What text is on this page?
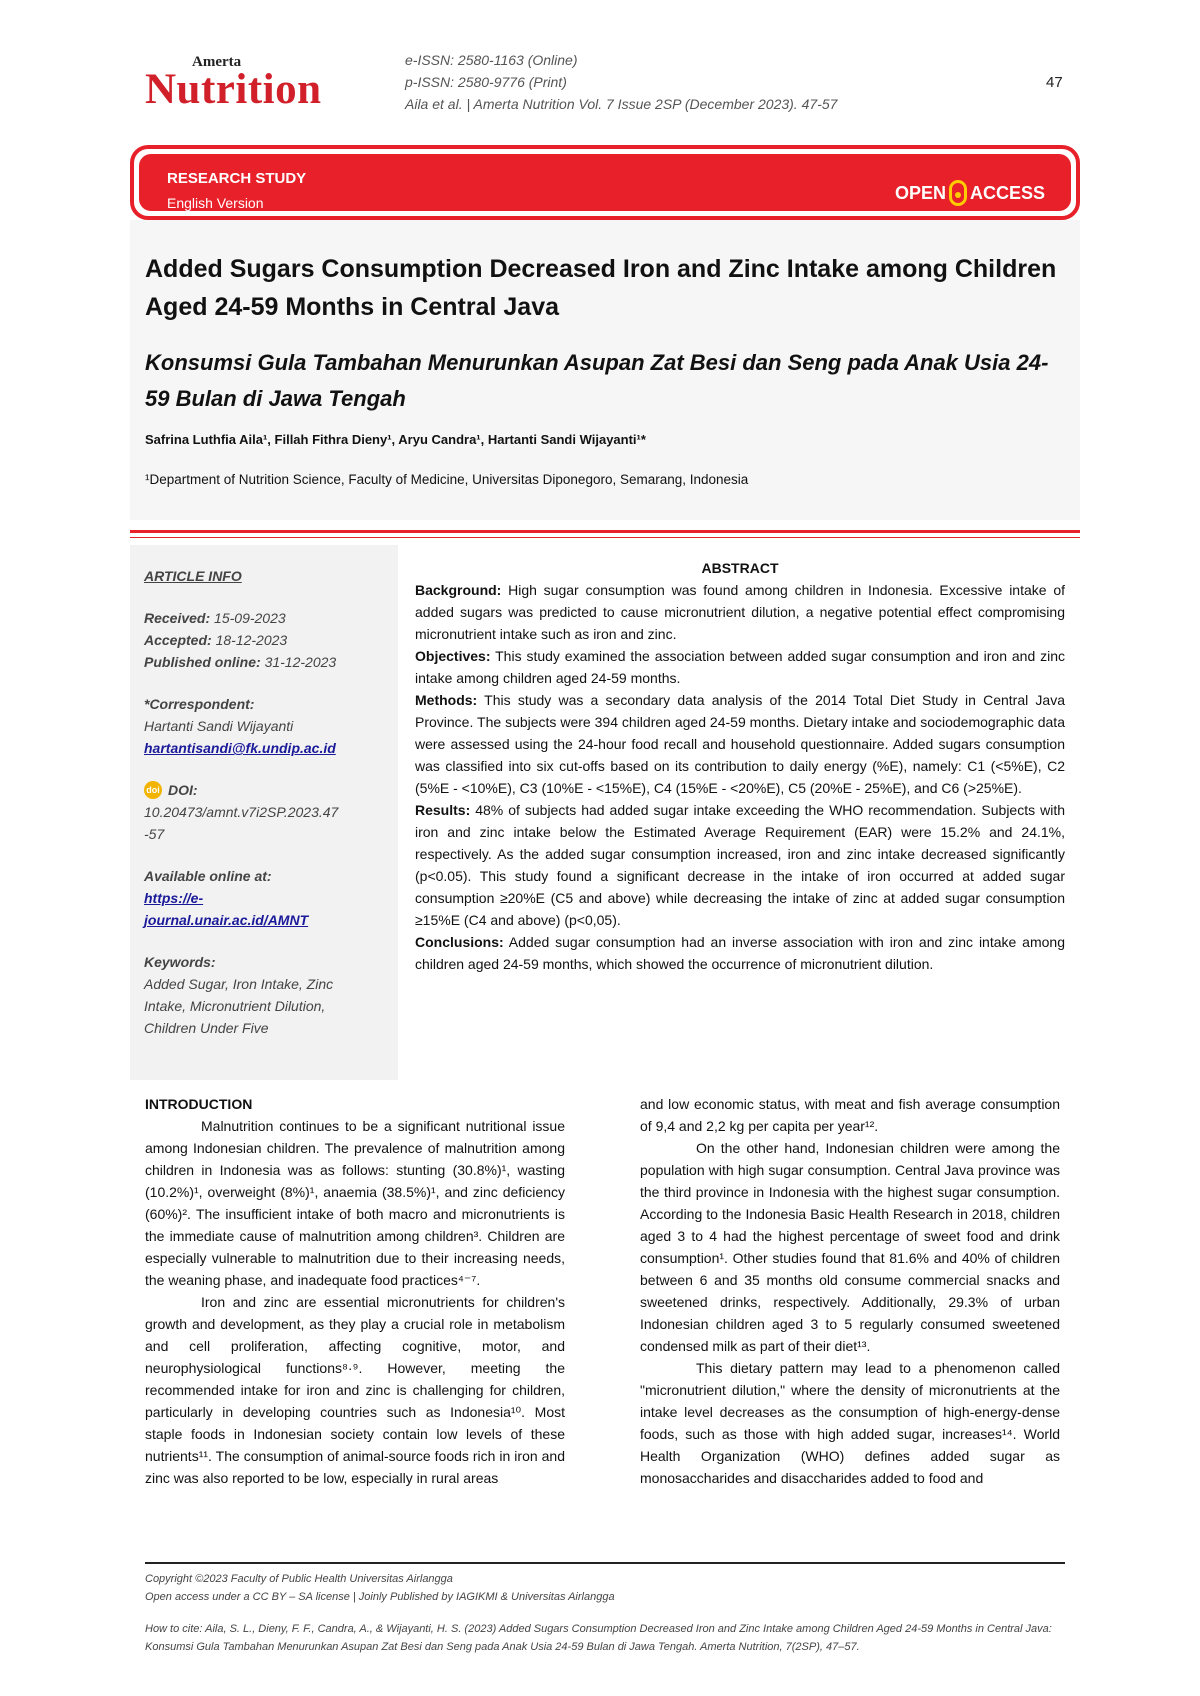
Amerta
Nutrition
e-ISSN: 2580-1163 (Online)
p-ISSN: 2580-9776 (Print)
Aila et al. | Amerta Nutrition Vol. 7 Issue 2SP (December 2023). 47-57
47
RESEARCH STUDY
English Version
OPEN ACCESS
Added Sugars Consumption Decreased Iron and Zinc Intake among Children Aged 24-59 Months in Central Java
Konsumsi Gula Tambahan Menurunkan Asupan Zat Besi dan Seng pada Anak Usia 24-59 Bulan di Jawa Tengah
Safrina Luthfia Aila¹, Fillah Fithra Dieny¹, Aryu Candra¹, Hartanti Sandi Wijayanti¹*
¹Department of Nutrition Science, Faculty of Medicine, Universitas Diponegoro, Semarang, Indonesia
ARTICLE INFO
Received: 15-09-2023
Accepted: 18-12-2023
Published online: 31-12-2023
*Correspondent:
Hartanti Sandi Wijayanti
hartantisandi@fk.undip.ac.id
doi DOI:
10.20473/amnt.v7i2SP.2023.47
-57
Available online at:
https://e-
journal.unair.ac.id/AMNT
Keywords:
Added Sugar, Iron Intake, Zinc
Intake, Micronutrient Dilution,
Children Under Five
ABSTRACT
Background: High sugar consumption was found among children in Indonesia. Excessive intake of added sugars was predicted to cause micronutrient dilution, a negative potential effect compromising micronutrient intake such as iron and zinc.
Objectives: This study examined the association between added sugar consumption and iron and zinc intake among children aged 24-59 months.
Methods: This study was a secondary data analysis of the 2014 Total Diet Study in Central Java Province. The subjects were 394 children aged 24-59 months. Dietary intake and sociodemographic data were assessed using the 24-hour food recall and household questionnaire. Added sugars consumption was classified into six cut-offs based on its contribution to daily energy (%E), namely: C1 (<5%E), C2 (5%E - <10%E), C3 (10%E - <15%E), C4 (15%E - <20%E), C5 (20%E - 25%E), and C6 (>25%E).
Results: 48% of subjects had added sugar intake exceeding the WHO recommendation. Subjects with iron and zinc intake below the Estimated Average Requirement (EAR) were 15.2% and 24.1%, respectively. As the added sugar consumption increased, iron and zinc intake decreased significantly (p<0.05). This study found a significant decrease in the intake of iron occurred at added sugar consumption ≥20%E (C5 and above) while decreasing the intake of zinc at added sugar consumption ≥15%E (C4 and above) (p<0,05).
Conclusions: Added sugar consumption had an inverse association with iron and zinc intake among children aged 24-59 months, which showed the occurrence of micronutrient dilution.
INTRODUCTION

Malnutrition continues to be a significant nutritional issue among Indonesian children. The prevalence of malnutrition among children in Indonesia was as follows: stunting (30.8%)¹, wasting (10.2%)¹, overweight (8%)¹, anaemia (38.5%)¹, and zinc deficiency (60%)². The insufficient intake of both macro and micronutrients is the immediate cause of malnutrition among children³. Children are especially vulnerable to malnutrition due to their increasing needs, the weaning phase, and inadequate food practices⁴⁻⁷.

Iron and zinc are essential micronutrients for children's growth and development, as they play a crucial role in metabolism and cell proliferation, affecting cognitive, motor, and neurophysiological functions⁸·⁹. However, meeting the recommended intake for iron and zinc is challenging for children, particularly in developing countries such as Indonesia¹⁰. Most staple foods in Indonesian society contain low levels of these nutrients¹¹. The consumption of animal-source foods rich in iron and zinc was also reported to be low, especially in rural areas

and low economic status, with meat and fish average consumption of 9,4 and 2,2 kg per capita per year¹².

On the other hand, Indonesian children were among the population with high sugar consumption. Central Java province was the third province in Indonesia with the highest sugar consumption. According to the Indonesia Basic Health Research in 2018, children aged 3 to 4 had the highest percentage of sweet food and drink consumption¹. Other studies found that 81.6% and 40% of children between 6 and 35 months old consume commercial snacks and sweetened drinks, respectively. Additionally, 29.3% of urban Indonesian children aged 3 to 5 regularly consumed sweetened condensed milk as part of their diet¹³.

This dietary pattern may lead to a phenomenon called "micronutrient dilution," where the density of micronutrients at the intake level decreases as the consumption of high-energy-dense foods, such as those with high added sugar, increases¹⁴. World Health Organization (WHO) defines added sugar as monosaccharides and disaccharides added to food and

Copyright ©2023 Faculty of Public Health Universitas Airlangga
Open access under a CC BY – SA license | Joinly Published by IAGIKMI & Universitas Airlangga
How to cite: Aila, S. L., Dieny, F. F., Candra, A., & Wijayanti, H. S. (2023) Added Sugars Consumption Decreased Iron and Zinc Intake among Children Aged 24-59 Months in Central Java: Konsumsi Gula Tambahan Menurunkan Asupan Zat Besi dan Seng pada Anak Usia 24-59 Bulan di Jawa Tengah. Amerta Nutrition, 7(2SP), 47–57.
